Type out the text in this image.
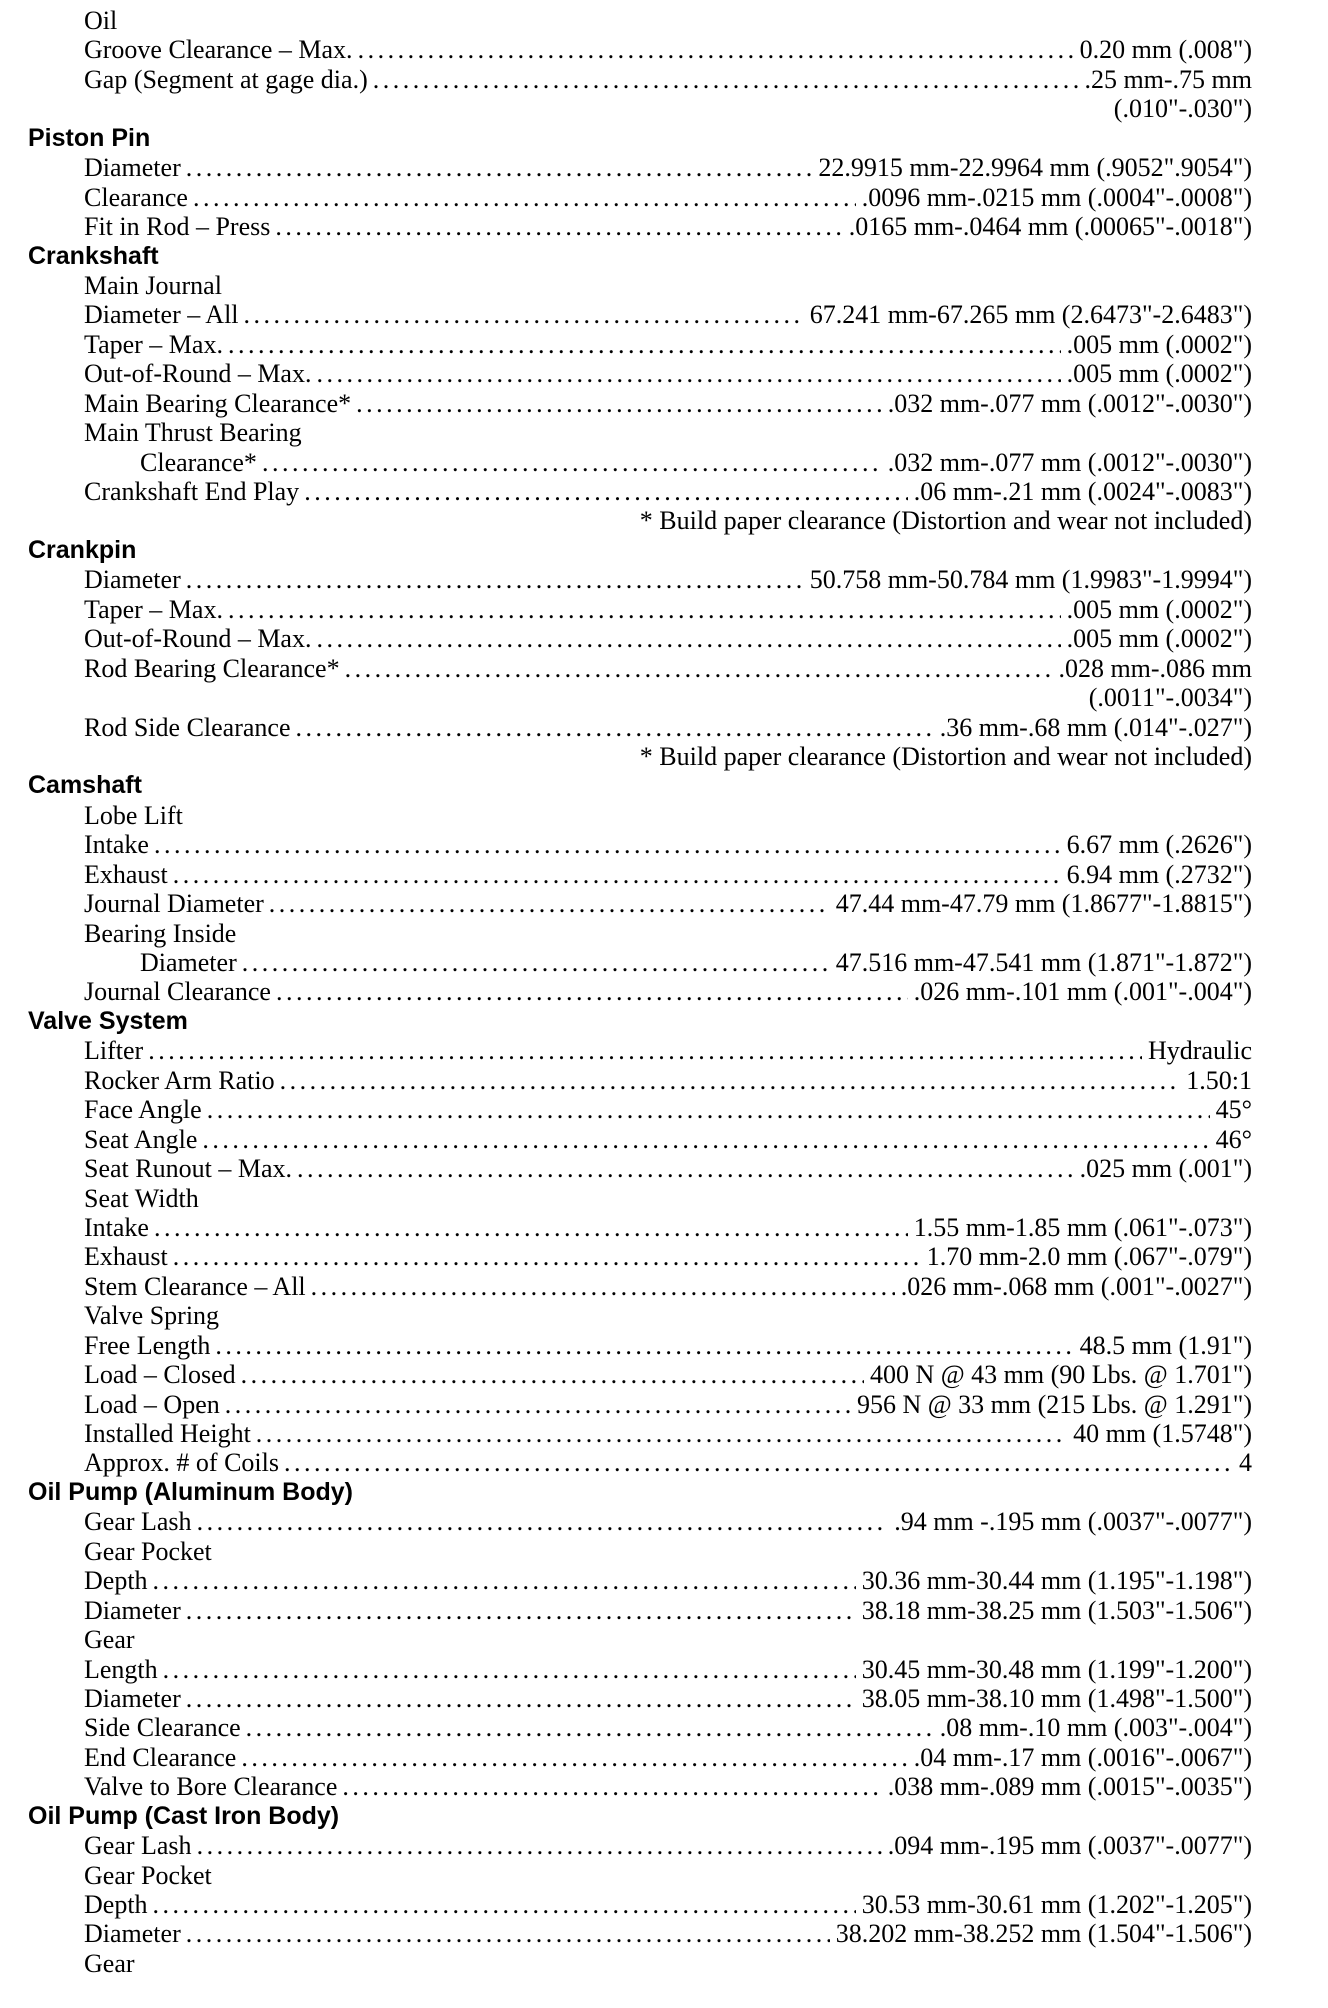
Oil
Groove Clearance – Max. . . .	0.20 mm (.008")
Gap (Segment at gage dia.) . . .	.25 mm-.75 mm
(.010"-.030")
Piston Pin
Diameter . . .	22.9915 mm-22.9964 mm (.9052".9054")
Clearance . . .	.0096 mm-.0215 mm (.0004"-.0008")
Fit in Rod – Press . . .	.0165 mm-.0464 mm (.00065"-.0018")
Crankshaft
Main Journal
Diameter – All . . .	67.241 mm-67.265 mm (2.6473"-2.6483")
Taper – Max. . . .	.005 mm (.0002")
Out-of-Round – Max. . . .	.005 mm (.0002")
Main Bearing Clearance* . . .	.032 mm-.077 mm (.0012"-.0030")
Main Thrust Bearing
Clearance* . . .	.032 mm-.077 mm (.0012"-.0030")
Crankshaft End Play . . .	.06 mm-.21 mm (.0024"-.0083")
* Build paper clearance (Distortion and wear not included)
Crankpin
Diameter . . .	50.758 mm-50.784 mm (1.9983"-1.9994")
Taper – Max. . . .	.005 mm (.0002")
Out-of-Round – Max. . . .	.005 mm (.0002")
Rod Bearing Clearance* . . .	.028 mm-.086 mm
(.0011"-.0034")
Rod Side Clearance . . .	.36 mm-.68 mm (.014"-.027")
* Build paper clearance (Distortion and wear not included)
Camshaft
Lobe Lift
Intake . . .	6.67 mm (.2626")
Exhaust . . .	6.94 mm (.2732")
Journal Diameter . . .	47.44 mm-47.79 mm (1.8677"-1.8815")
Bearing Inside
Diameter . . .	47.516 mm-47.541 mm (1.871"-1.872")
Journal Clearance . . .	.026 mm-.101 mm (.001"-.004")
Valve System
Lifter . . .	Hydraulic
Rocker Arm Ratio . . .	1.50:1
Face Angle . . .	45°
Seat Angle . . .	46°
Seat Runout – Max. . . .	.025 mm (.001")
Seat Width
Intake . . .	1.55 mm-1.85 mm (.061"-.073")
Exhaust . . .	1.70 mm-2.0 mm (.067"-.079")
Stem Clearance – All . . .	.026 mm-.068 mm (.001"-.0027")
Valve Spring
Free Length . . .	48.5 mm (1.91")
Load – Closed . . .	400 N @ 43 mm (90 Lbs. @ 1.701")
Load – Open . . .	956 N @ 33 mm (215 Lbs. @ 1.291")
Installed Height . . .	40 mm (1.5748")
Approx. # of Coils . . .	4
Oil Pump (Aluminum Body)
Gear Lash . . .	.94 mm -.195 mm (.0037"-.0077")
Gear Pocket
Depth . . .	30.36 mm-30.44 mm (1.195"-1.198")
Diameter . . .	38.18 mm-38.25 mm (1.503"-1.506")
Gear
Length . . .	30.45 mm-30.48 mm (1.199"-1.200")
Diameter . . .	38.05 mm-38.10 mm (1.498"-1.500")
Side Clearance . . .	.08 mm-.10 mm (.003"-.004")
End Clearance . . .	.04 mm-.17 mm (.0016"-.0067")
Valve to Bore Clearance . . .	.038 mm-.089 mm (.0015"-.0035")
Oil Pump (Cast Iron Body)
Gear Lash . . .	.094 mm-.195 mm (.0037"-.0077")
Gear Pocket
Depth . . .	30.53 mm-30.61 mm (1.202"-1.205")
Diameter . . .	38.202 mm-38.252 mm (1.504"-1.506")
Gear
